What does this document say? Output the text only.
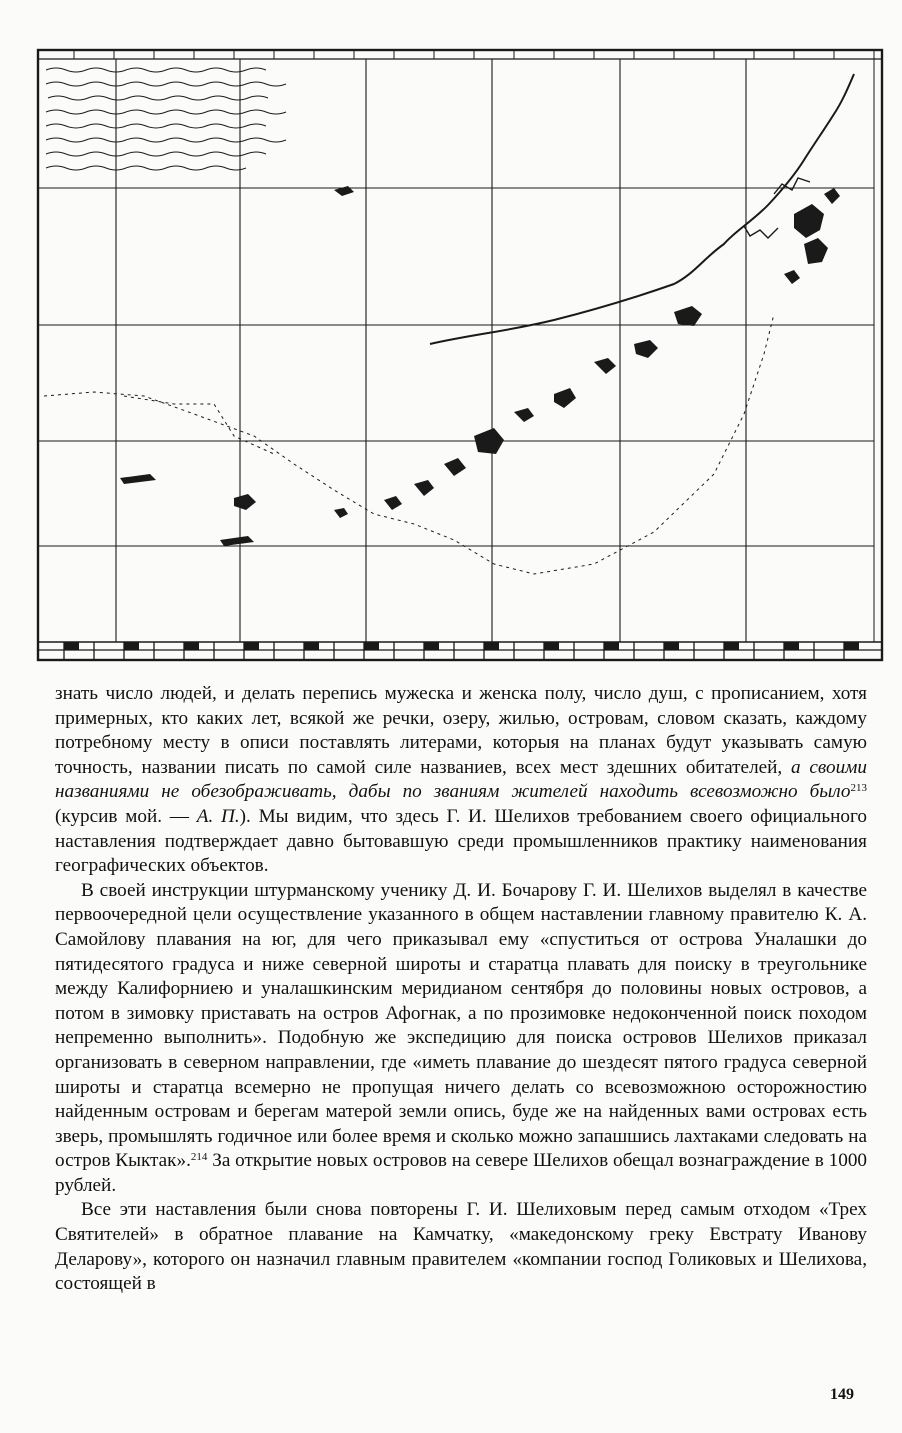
знать число людей, и делать перепись мужеска и женска полу, число душ, с прописанием, хотя примерных, кто каких лет, всякой же речки, озеру, жилью, островам, словом сказать, каждому потребному месту в описи поставлять литерами, которыя на планах будут указывать самую точность, названии писать по самой силе названиев, всех мест здешних обитателей, а своими названиями не обезображивать, дабы по званиям жителей находить всевозможно было$^{213}$ (курсив мой. — А. П.). Мы видим, что здесь Г. И. Шелихов требованием своего официального наставления подтверждает давно бытовавшую среди промышленников практику наименования географических объектов.

В своей инструкции штурманскому ученику Д. И. Бочарову Г. И. Шелихов выделял в качестве первоочередной цели осуществление указанного в общем наставлении главному правителю К. А. Самойлову плавания на юг, для чего приказывал ему «спуститься от острова Уналашки до пятидесятого градуса и ниже северной широты и старатца плавать для поиску в треугольнике между Калифорниею и уналашкинским меридианом сентября до половины новых островов, а потом в зимовку приставать на остров Афогнак, а по прозимовке недоконченной поиск походом непременно выполнить». Подобную же экспедицию для поиска островов Шелихов приказал организовать в северном направлении, где «иметь плавание до шездесят пятого градуса северной широты и старатца всемерно не пропущая ничего делать со всевозможною осторожностию найденным островам и берегам матерой земли опись, буде же на найденных вами островах есть зверь, промышлять годичное или более время и сколько можно запашшись лахтаками следовать на остров Кыктак».$^{214}$ За открытие новых островов на севере Шелихов обещал вознаграждение в 1000 рублей.

Все эти наставления были снова повторены Г. И. Шелиховым перед самым отходом «Трех Святителей» в обратное плавание на Камчатку, «македонскому греку Евстрату Иванову Деларову», которого он назначил главным правителем «компании господ Голиковых и Шелихова, состоящей в

149
